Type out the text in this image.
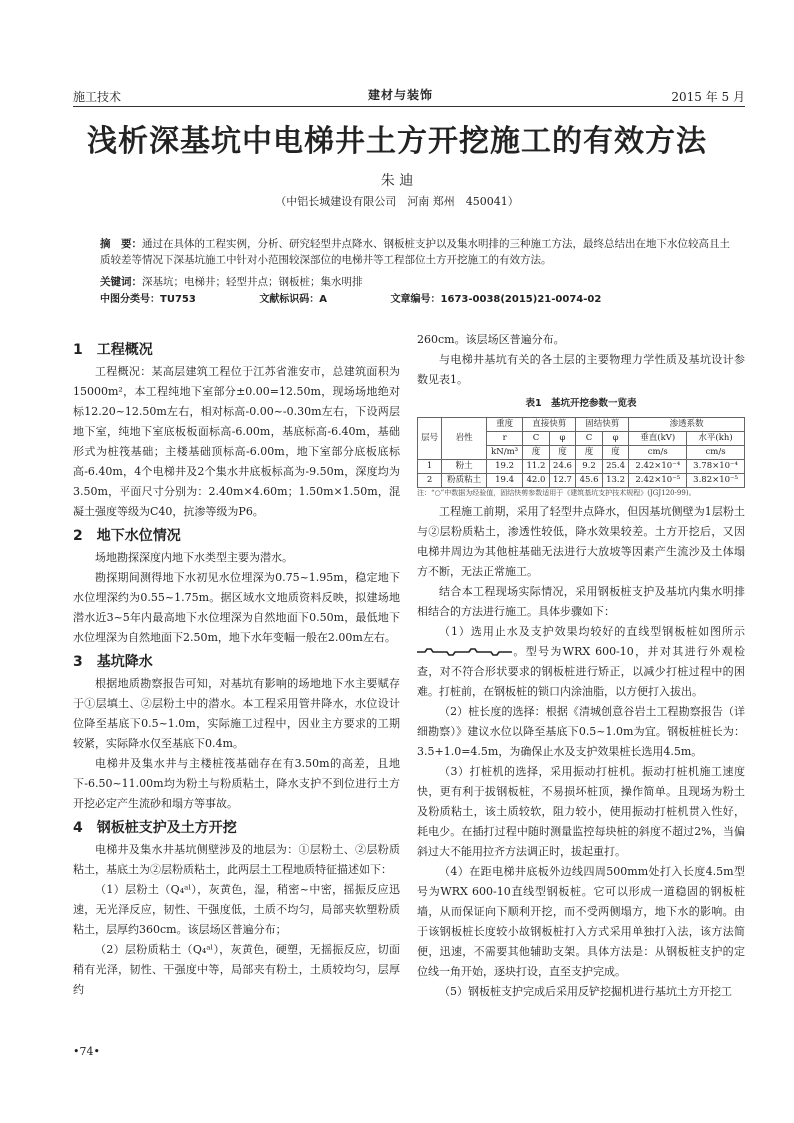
施工技术	建材与装饰	2015 年 5 月
浅析深基坑中电梯井土方开挖施工的有效方法
朱 迪
（中铝长城建设有限公司　河南 郑州　450041）
摘　要：通过在具体的工程实例，分析、研究轻型井点降水、钢板桩支护以及集水明排的三种施工方法，最终总结出在地下水位较高且土质较差等情况下深基坑施工中针对小范围较深部位的电梯井等工程部位土方开挖施工的有效方法。
关键词：深基坑；电梯井；轻型井点；钢板桩；集水明排
中图分类号：TU753	文献标识码：A	文章编号：1673-0038(2015)21-0074-02
1　工程概况

工程概况：某高层建筑工程位于江苏省淮安市，总建筑面积为15000m²，本工程纯地下室部分±0.00=12.50m，现场场地绝对标12.20~12.50m左右，相对标高-0.00~-0.30m左右，下设两层地下室，纯地下室底板板面标高-6.00m，基底标高-6.40m，基础形式为桩筏基础；主楼基础顶标高-6.00m，地下室部分底板底标高-6.40m，4个电梯井及2个集水井底板标高为-9.50m，深度均为3.50m，平面尺寸分别为：2.40m×4.60m；1.50m×1.50m，混凝土强度等级为C40，抗渗等级为P6。

2　地下水位情况

场地勘探深度内地下水类型主要为潜水。

勘探期间测得地下水初见水位埋深为0.75~1.95m，稳定地下水位埋深约为0.55~1.75m。据区域水文地质资料反映，拟建场地潜水近3~5年内最高地下水位埋深为自然地面下0.50m，最低地下水位埋深为自然地面下2.50m，地下水年变幅一般在2.00m左右。

3　基坑降水

根据地质勘察报告可知，对基坑有影响的场地地下水主要赋存于①层填土、②层粉土中的潜水。本工程采用管井降水，水位设计位降至基底下0.5~1.0m，实际施工过程中，因业主方要求的工期较紧，实际降水仅至基底下0.4m。

电梯井及集水井与主楼桩筏基础存在有3.50m的高差，且地下-6.50~11.00m均为粉土与粉质粘土，降水支护不到位进行土方开挖必定产生流砂和塌方等事故。

4　钢板桩支护及土方开挖

电梯井及集水井基坑侧壁涉及的地层为：①层粉土、②层粉质粘土，基底土为②层粉质粘土，此两层土工程地质特征描述如下：

（1）层粉土（Q₄ᵃˡ），灰黄色，湿，稍密~中密，摇振反应迅速，无光泽反应，韧性、干强度低，土质不均匀，局部夹软塑粉质粘土，层厚约360cm。该层场区普遍分布；

（2）层粉质粘土（Q₄ᵃˡ），灰黄色，硬塑，无摇振反应，切面稍有光泽，韧性、干强度中等，局部夹有粉土，土质较均匀，层厚约

260cm。该层场区普遍分布。

与电梯井基坑有关的各土层的主要物理力学性质及基坑设计参数见表1。

表1　基坑开挖参数一览表
层号	岩性	重度	直接快剪		固结快剪		渗透系数	
		r	C	φ	C	φ	垂直(kV)	水平(kh)
		kN/m³	度	度	度	度	cm/s	cm/s
1	粉土	19.2	11.2	24.6	9.2	25.4	2.42×10⁻⁴	3.78×10⁻⁴
2	粉质粘土	19.4	42.0	12.7	45.6	13.2	2.42×10⁻⁵	3.82×10⁻⁵
注：“○”中数据为经验值，固结快剪参数适用于《建筑基坑支护技术规程》(JGJ120-99)。

工程施工前期，采用了轻型井点降水，但因基坑侧壁为1层粉土与②层粉质粘土，渗透性较低，降水效果较差。土方开挖后，又因电梯井周边为其他桩基础无法进行大放坡等因素产生流沙及土体塌方不断，无法正常施工。

结合本工程现场实际情况，采用钢板桩支护及基坑内集水明排相结合的方法进行施工。具体步骤如下：

（1）选用止水及支护效果均较好的直线型钢板桩如图所示。型号为WRX 600-10，并对其进行外观检查，对不符合形状要求的钢板桩进行矫正，以减少打桩过程中的困难。打桩前，在钢板桩的锁口内涂油脂，以方便打入拔出。

（2）桩长度的选择：根据《清城创意谷岩土工程勘察报告（详细勘察）》建议水位以降至基底下0.5~1.0m为宜。钢板桩桩长为：3.5+1.0=4.5m，为确保止水及支护效果桩长选用4.5m。

（3）打桩机的选择，采用振动打桩机。振动打桩机施工速度快，更有利于拔钢板桩，不易损坏桩顶，操作简单。且现场为粉土及粉质粘土，该土质较软，阻力较小，使用振动打桩机贯入性好，耗电少。在插打过程中随时测量监控每块桩的斜度不超过2%，当偏斜过大不能用拉齐方法调正时，拔起重打。

（4）在距电梯井底板外边线四周500mm处打入长度4.5m型号为WRX 600-10直线型钢板桩。它可以形成一道稳固的钢板桩墙，从而保证向下顺利开挖，而不受两侧塌方，地下水的影响。由于该钢板桩长度较小故钢板桩打入方式采用单独打入法，该方法简便，迅速，不需要其他辅助支架。具体方法是：从钢板桩支护的定位线一角开始，逐块打设，直至支护完成。

（5）钢板桩支护完成后采用反铲挖掘机进行基坑土方开挖工

•74•
